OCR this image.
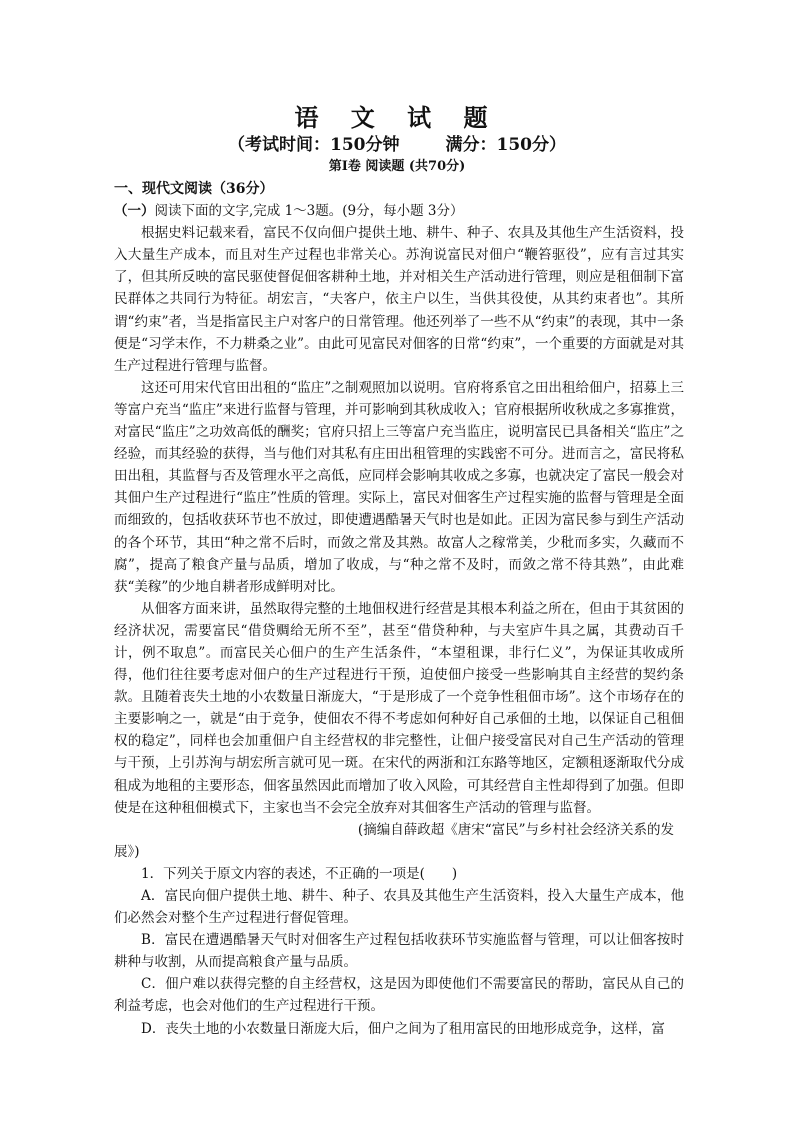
语 文 试 题
（考试时间：150分钟	满分：150分）
第Ⅰ卷 阅读题 (共70分)

一、现代文阅读（36分）

（一）阅读下面的文字,完成 1～3题。(9分，每小题 3分）

根据史料记载来看，富民不仅向佃户提供土地、耕牛、种子、农具及其他生产生活资料，投入大量生产成本，而且对生产过程也非常关心。苏洵说富民对佃户“鞭笞驱役”，应有言过其实了，但其所反映的富民驱使督促佃客耕种土地，并对相关生产活动进行管理，则应是租佃制下富民群体之共同行为特征。胡宏言，“夫客户，依主户以生，当供其役使，从其约束者也”。其所谓“约束”者，当是指富民主户对客户的日常管理。他还列举了一些不从“约束”的表现，其中一条便是“习学末作，不力耕桑之业”。由此可见富民对佃客的日常“约束”，一个重要的方面就是对其生产过程进行管理与监督。

这还可用宋代官田出租的“监庄”之制观照加以说明。官府将系官之田出租给佃户，招募上三等富户充当“监庄”来进行监督与管理，并可影响到其秋成收入；官府根据所收秋成之多寡推赏，对富民“监庄”之功效高低的酬奖；官府只招上三等富户充当监庄，说明富民已具备相关“监庄”之经验，而其经验的获得，当与他们对其私有庄田出租管理的实践密不可分。进而言之，富民将私田出租，其监督与否及管理水平之高低，应同样会影响其收成之多寡，也就决定了富民一般会对其佃户生产过程进行“监庄”性质的管理。实际上，富民对佃客生产过程实施的监督与管理是全面而细致的，包括收获环节也不放过，即使遭遇酷暑天气时也是如此。正因为富民参与到生产活动的各个环节，其田“种之常不后时，而敛之常及其熟。故富人之稼常美，少秕而多实，久藏而不腐”，提高了粮食产量与品质，增加了收成，与“种之常不及时，而敛之常不待其熟”，由此难获“美稼”的少地自耕者形成鲜明对比。

从佃客方面来讲，虽然取得完整的土地佃权进行经营是其根本利益之所在，但由于其贫困的经济状况，需要富民“借贷赒给无所不至”，甚至“借贷种种，与夫室庐牛具之属，其费动百千计，例不取息”。而富民关心佃户的生产生活条件，“本望租课，非行仁义”，为保证其收成所得，他们往往要考虑对佃户的生产过程进行干预，迫使佃户接受一些影响其自主经营的契约条款。且随着丧失土地的小农数量日渐庞大，“于是形成了一个竞争性租佃市场”。这个市场存在的主要影响之一，就是“由于竞争，使佃农不得不考虑如何种好自己承佃的土地，以保证自己租佃权的稳定”，同样也会加重佃户自主经营权的非完整性，让佃户接受富民对自己生产活动的管理与干预，上引苏洵与胡宏所言就可见一斑。在宋代的两浙和江东路等地区，定额租逐渐取代分成租成为地租的主要形态，佃客虽然因此而增加了收入风险，可其经营自主性却得到了加强。但即使是在这种租佃模式下，主家也当不会完全放弃对其佃客生产活动的管理与监督。

(摘编自薛政超《唐宋“富民”与乡村社会经济关系的发

展》)

1．下列关于原文内容的表述，不正确的一项是(　　)

A．富民向佃户提供土地、耕牛、种子、农具及其他生产生活资料，投入大量生产成本，他们必然会对整个生产过程进行督促管理。

B．富民在遭遇酷暑天气时对佃客生产过程包括收获环节实施监督与管理，可以让佃客按时耕种与收割，从而提高粮食产量与品质。

C．佃户难以获得完整的自主经营权，这是因为即使他们不需要富民的帮助，富民从自己的利益考虑，也会对他们的生产过程进行干预。

D．丧失土地的小农数量日渐庞大后，佃户之间为了租用富民的田地形成竞争，这样，富
